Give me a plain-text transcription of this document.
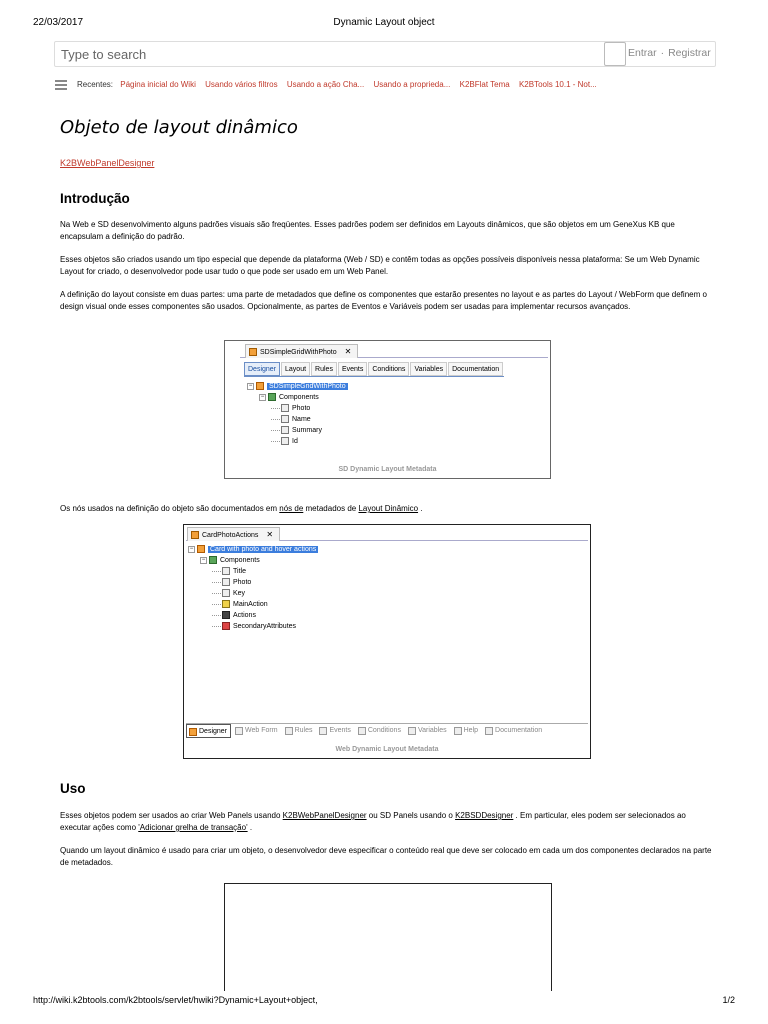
22/03/2017	Dynamic Layout object
Type to search
Entrar · Registrar
Recentes: Página inicial do Wiki Usando vários filtros Usando a ação Cha... Usando a proprieda... K2BFlat Tema K2BTools 10.1 - Not...
Objeto de layout dinâmico
K2BWebPanelDesigner
Introdução

Na Web e SD desenvolvimento alguns padrões visuais são freqüentes. Esses padrões podem ser definidos em Layouts dinâmicos, que são objetos em um GeneXus KB que encapsulam a definição do padrão.

Esses objetos são criados usando um tipo especial que depende da plataforma (Web / SD) e contêm todas as opções possíveis disponíveis nessa plataforma: Se um Web Dynamic Layout for criado, o desenvolvedor pode usar tudo o que pode ser usado em um Web Panel.

A definição do layout consiste em duas partes: uma parte de metadados que define os componentes que estarão presentes no layout e as partes do Layout / WebForm que definem o design visual onde esses componentes são usados. Opcionalmente, as partes de Eventos e Variáveis podem ser usadas para implementar recursos avançados.

SDSimpleGridWithPhoto ✕
Designer	Layout	Rules	Events	Conditions	Variables	Documentation
− SDSimpleGridWithPhoto
− Components
Photo
Name
Summary
Id
SD Dynamic Layout Metadata

Os nós usados na definição do objeto são documentados em nós de metadados de Layout Dinâmico .

CardPhotoActions ✕
− Card with photo and hover actions
− Components
Title
Photo
Key
MainAction
Actions
SecondaryAttributes
Designer	Web Form	Rules	Events	Conditions	Variables	Help	Documentation
Web Dynamic Layout Metadata
Uso

Esses objetos podem ser usados ao criar Web Panels usando K2BWebPanelDesigner ou SD Panels usando o K2BSDDesigner . Em particular, eles podem ser selecionados ao executar ações como 'Adicionar grelha de transação' .

Quando um layout dinâmico é usado para criar um objeto, o desenvolvedor deve especificar o conteúdo real que deve ser colocado em cada um dos componentes declarados na parte de metadados.

http://wiki.k2btools.com/k2btools/servlet/hwiki?Dynamic+Layout+object,	1/2
